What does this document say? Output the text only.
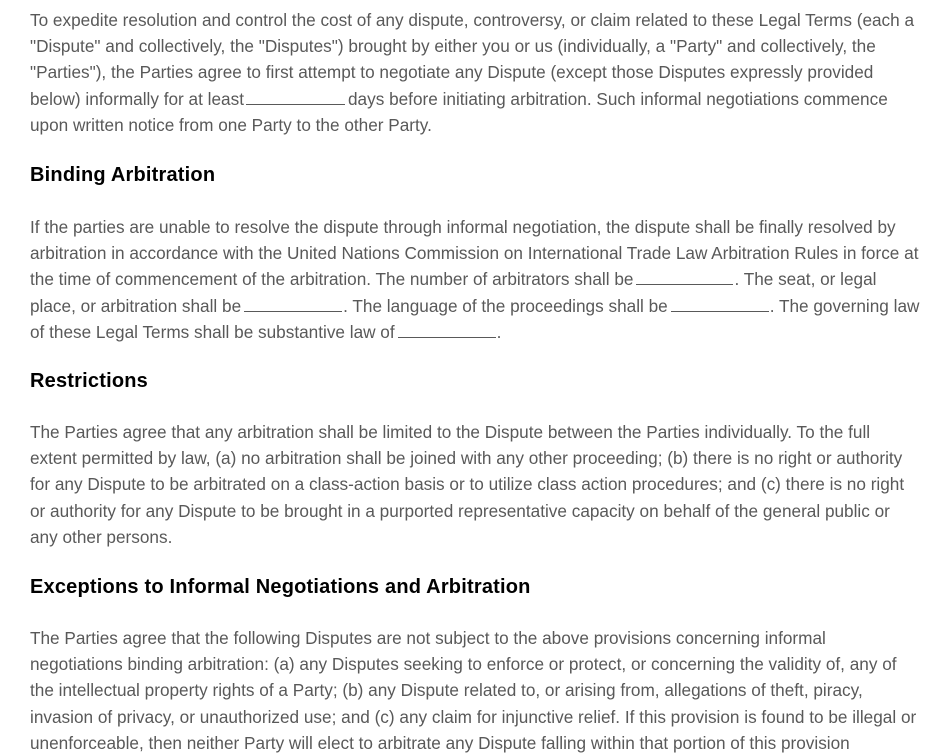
To expedite resolution and control the cost of any dispute, controversy, or claim related to these Legal Terms (each a "Dispute" and collectively, the "Disputes") brought by either you or us (individually, a "Party" and collectively, the "Parties"), the Parties agree to first attempt to negotiate any Dispute (except those Disputes expressly provided below) informally for at least	days before initiating arbitration. Such informal negotiations commence upon written notice from one Party to the other Party.

Binding Arbitration

If the parties are unable to resolve the dispute through informal negotiation, the dispute shall be finally resolved by arbitration in accordance with the United Nations Commission on International Trade Law Arbitration Rules in force at the time of commencement of the arbitration. The number of arbitrators shall be	. The seat, or legal place, or arbitration shall be	. The language of the proceedings shall be	. The governing law of these Legal Terms shall be substantive law of	.

Restrictions

The Parties agree that any arbitration shall be limited to the Dispute between the Parties individually. To the full extent permitted by law, (a) no arbitration shall be joined with any other proceeding; (b) there is no right or authority for any Dispute to be arbitrated on a class-action basis or to utilize class action procedures; and (c) there is no right or authority for any Dispute to be brought in a purported representative capacity on behalf of the general public or any other persons.

Exceptions to Informal Negotiations and Arbitration

The Parties agree that the following Disputes are not subject to the above provisions concerning informal negotiations binding arbitration: (a) any Disputes seeking to enforce or protect, or concerning the validity of, any of the intellectual property rights of a Party; (b) any Dispute related to, or arising from, allegations of theft, piracy, invasion of privacy, or unauthorized use; and (c) any claim for injunctive relief. If this provision is found to be illegal or unenforceable, then neither Party will elect to arbitrate any Dispute falling within that portion of this provision
